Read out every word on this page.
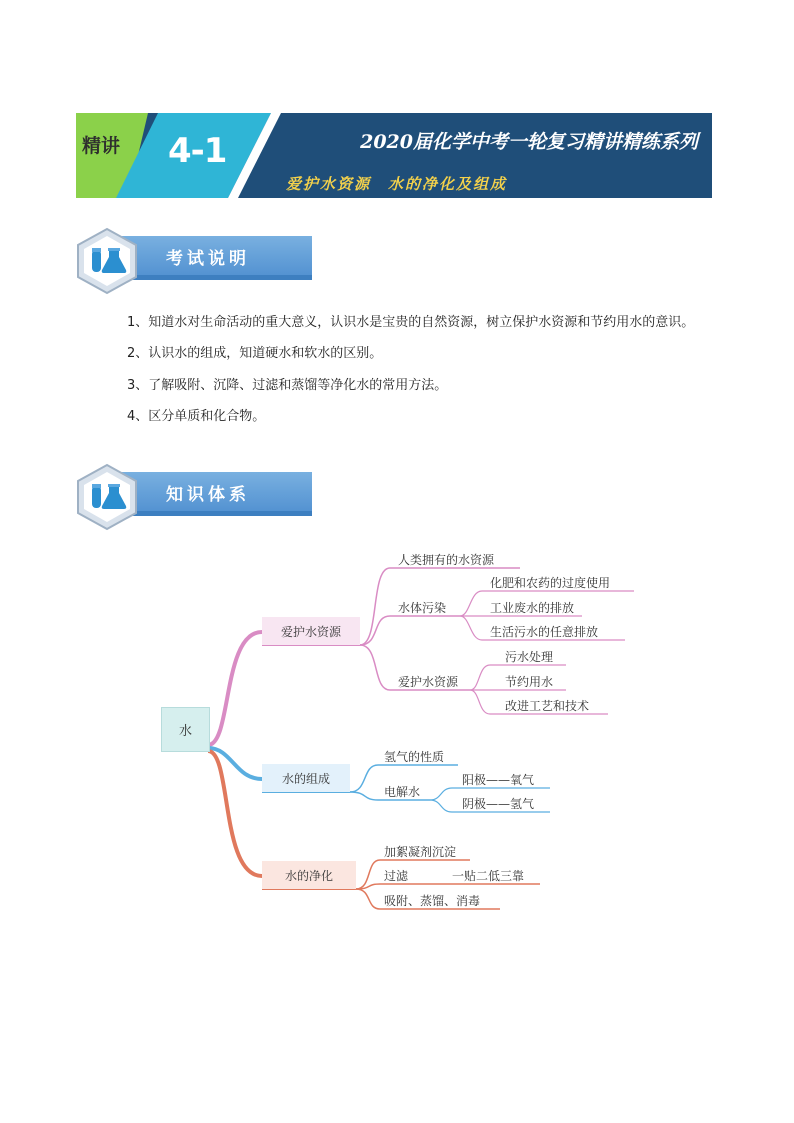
精讲 4-1	2020届化学中考一轮复习精讲精练系列
爱护水资源　水的净化及组成
考试说明
1、知道水对生命活动的重大意义，认识水是宝贵的自然资源，树立保护水资源和节约用水的意识。
2、认识水的组成，知道硬水和软水的区别。
3、了解吸附、沉降、过滤和蒸馏等净化水的常用方法。
4、区分单质和化合物。
知识体系
水
爱护水资源
水的组成
水的净化
人类拥有的水资源
水体污染
爱护水资源
化肥和农药的过度使用
工业废水的排放
生活污水的任意排放
污水处理
节约用水
改进工艺和技术
氢气的性质
电解水
阳极——氧气
阴极——氢气
加絮凝剂沉淀
过滤	一贴二低三靠
吸附、蒸馏、消毒
